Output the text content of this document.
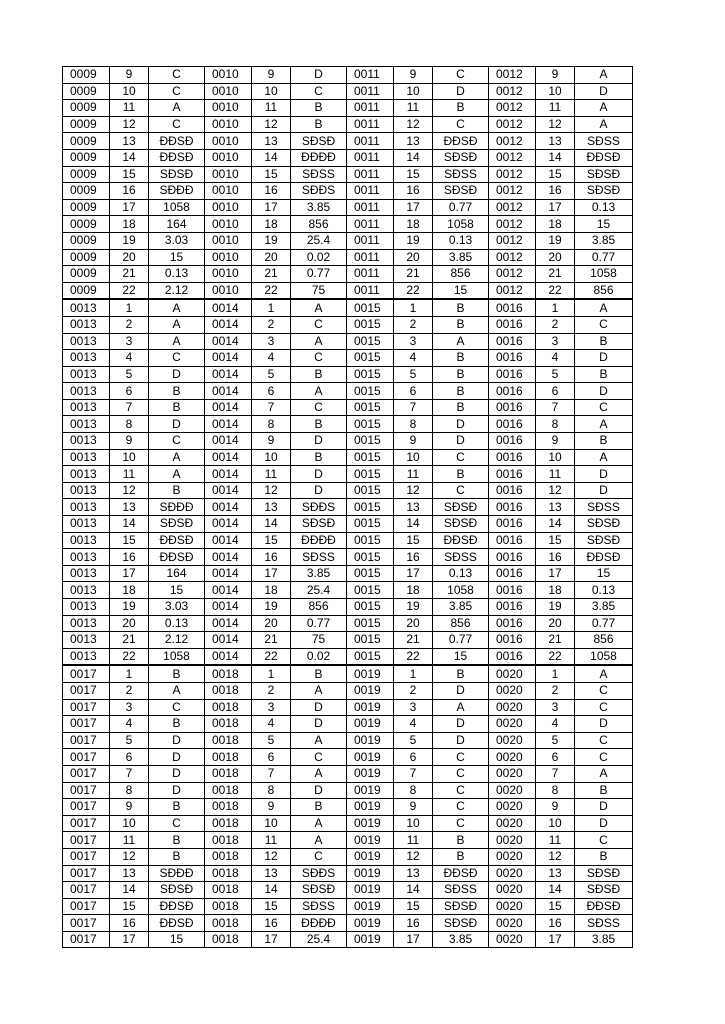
0009	9	C	0010	9	D	0011	9	C	0012	9	A
0009	10	C	0010	10	C	0011	10	D	0012	10	D
0009	11	A	0010	11	B	0011	11	B	0012	11	A
0009	12	C	0010	12	B	0011	12	C	0012	12	A
0009	13	ĐĐSĐ	0010	13	SĐSĐ	0011	13	ĐĐSĐ	0012	13	SĐSS
0009	14	ĐĐSĐ	0010	14	ĐĐĐĐ	0011	14	SĐSĐ	0012	14	ĐĐSĐ
0009	15	SĐSĐ	0010	15	SĐSS	0011	15	SĐSS	0012	15	SĐSĐ
0009	16	SĐĐĐ	0010	16	SĐĐS	0011	16	SĐSĐ	0012	16	SĐSĐ
0009	17	1058	0010	17	3.85	0011	17	0.77	0012	17	0.13
0009	18	164	0010	18	856	0011	18	1058	0012	18	15
0009	19	3.03	0010	19	25.4	0011	19	0.13	0012	19	3.85
0009	20	15	0010	20	0.02	0011	20	3.85	0012	20	0.77
0009	21	0.13	0010	21	0.77	0011	21	856	0012	21	1058
0009	22	2.12	0010	22	75	0011	22	15	0012	22	856
0013	1	A	0014	1	A	0015	1	B	0016	1	A
0013	2	A	0014	2	C	0015	2	B	0016	2	C
0013	3	A	0014	3	A	0015	3	A	0016	3	B
0013	4	C	0014	4	C	0015	4	B	0016	4	D
0013	5	D	0014	5	B	0015	5	B	0016	5	B
0013	6	B	0014	6	A	0015	6	B	0016	6	D
0013	7	B	0014	7	C	0015	7	B	0016	7	C
0013	8	D	0014	8	B	0015	8	D	0016	8	A
0013	9	C	0014	9	D	0015	9	D	0016	9	B
0013	10	A	0014	10	B	0015	10	C	0016	10	A
0013	11	A	0014	11	D	0015	11	B	0016	11	D
0013	12	B	0014	12	D	0015	12	C	0016	12	D
0013	13	SĐĐĐ	0014	13	SĐĐS	0015	13	SĐSĐ	0016	13	SĐSS
0013	14	SĐSĐ	0014	14	SĐSĐ	0015	14	SĐSĐ	0016	14	SĐSĐ
0013	15	ĐĐSĐ	0014	15	ĐĐĐĐ	0015	15	ĐĐSĐ	0016	15	SĐSĐ
0013	16	ĐĐSĐ	0014	16	SĐSS	0015	16	SĐSS	0016	16	ĐĐSĐ
0013	17	164	0014	17	3.85	0015	17	0.13	0016	17	15
0013	18	15	0014	18	25.4	0015	18	1058	0016	18	0.13
0013	19	3.03	0014	19	856	0015	19	3.85	0016	19	3.85
0013	20	0.13	0014	20	0.77	0015	20	856	0016	20	0.77
0013	21	2.12	0014	21	75	0015	21	0.77	0016	21	856
0013	22	1058	0014	22	0.02	0015	22	15	0016	22	1058
0017	1	B	0018	1	B	0019	1	B	0020	1	A
0017	2	A	0018	2	A	0019	2	D	0020	2	C
0017	3	C	0018	3	D	0019	3	A	0020	3	C
0017	4	B	0018	4	D	0019	4	D	0020	4	D
0017	5	D	0018	5	A	0019	5	D	0020	5	C
0017	6	D	0018	6	C	0019	6	C	0020	6	C
0017	7	D	0018	7	A	0019	7	C	0020	7	A
0017	8	D	0018	8	D	0019	8	C	0020	8	B
0017	9	B	0018	9	B	0019	9	C	0020	9	D
0017	10	C	0018	10	A	0019	10	C	0020	10	D
0017	11	B	0018	11	A	0019	11	B	0020	11	C
0017	12	B	0018	12	C	0019	12	B	0020	12	B
0017	13	SĐĐĐ	0018	13	SĐĐS	0019	13	ĐĐSĐ	0020	13	SĐSĐ
0017	14	SĐSĐ	0018	14	SĐSĐ	0019	14	SĐSS	0020	14	SĐSĐ
0017	15	ĐĐSĐ	0018	15	SĐSS	0019	15	SĐSĐ	0020	15	ĐĐSĐ
0017	16	ĐĐSĐ	0018	16	ĐĐĐĐ	0019	16	SĐSĐ	0020	16	SĐSS
0017	17	15	0018	17	25.4	0019	17	3.85	0020	17	3.85
